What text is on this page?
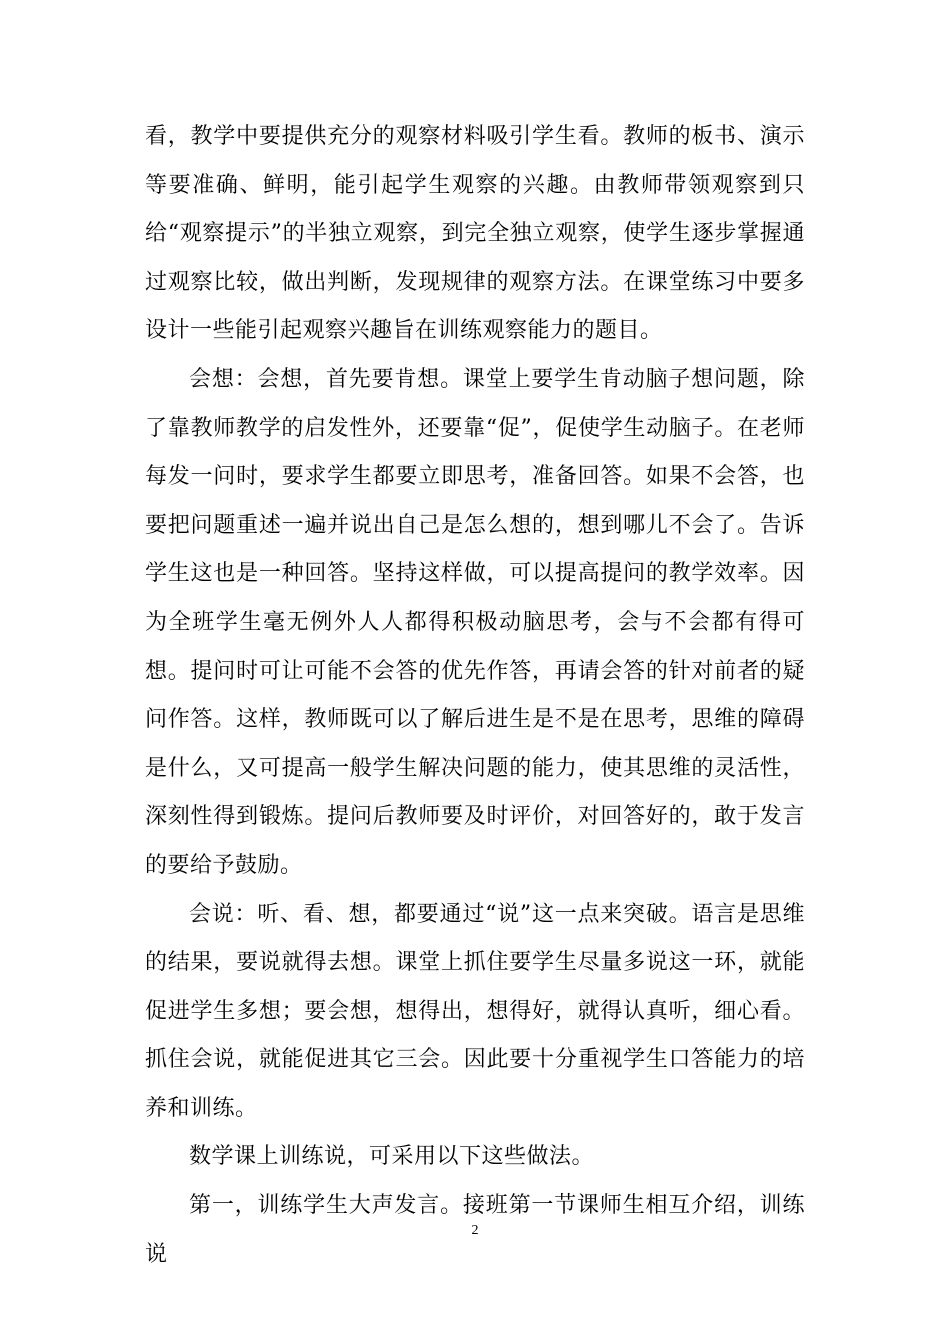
看，教学中要提供充分的观察材料吸引学生看。教师的板书、演示等要准确、鲜明，能引起学生观察的兴趣。由教师带领观察到只给“观察提示”的半独立观察，到完全独立观察，使学生逐步掌握通过观察比较，做出判断，发现规律的观察方法。在课堂练习中要多设计一些能引起观察兴趣旨在训练观察能力的题目。

会想：会想，首先要肯想。课堂上要学生肯动脑子想问题，除了靠教师教学的启发性外，还要靠“促”，促使学生动脑子。在老师每发一问时，要求学生都要立即思考，准备回答。如果不会答，也要把问题重述一遍并说出自己是怎么想的，想到哪儿不会了。告诉学生这也是一种回答。坚持这样做，可以提高提问的教学效率。因为全班学生毫无例外人人都得积极动脑思考，会与不会都有得可想。提问时可让可能不会答的优先作答，再请会答的针对前者的疑问作答。这样，教师既可以了解后进生是不是在思考，思维的障碍是什么，又可提高一般学生解决问题的能力，使其思维的灵活性，深刻性得到锻炼。提问后教师要及时评价，对回答好的，敢于发言的要给予鼓励。

会说：听、看、想，都要通过“说”这一点来突破。语言是思维的结果，要说就得去想。课堂上抓住要学生尽量多说这一环，就能促进学生多想；要会想，想得出，想得好，就得认真听，细心看。抓住会说，就能促进其它三会。因此要十分重视学生口答能力的培养和训练。

数学课上训练说，可采用以下这些做法。

第一，训练学生大声发言。接班第一节课师生相互介绍，训练说

2
